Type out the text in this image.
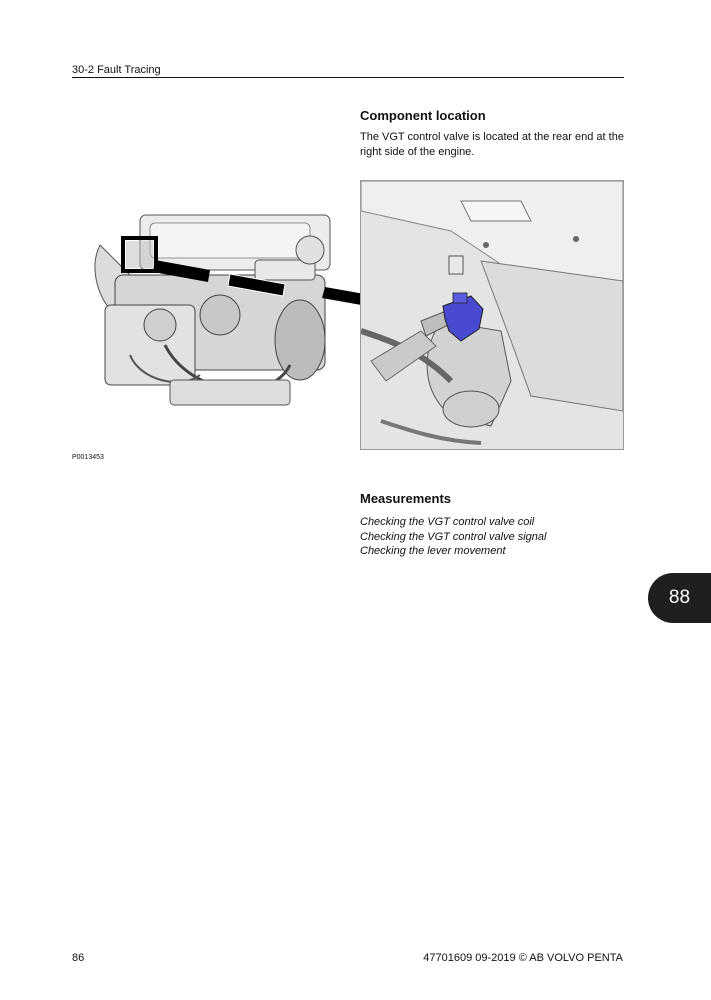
30-2 Fault Tracing
Component location
The VGT control valve is located at the rear end at the right side of the engine.
P0013453
Measurements
Checking the VGT control valve coil
Checking the VGT control valve signal
Checking the lever movement
88
86	47701609 09-2019 © AB VOLVO PENTA
